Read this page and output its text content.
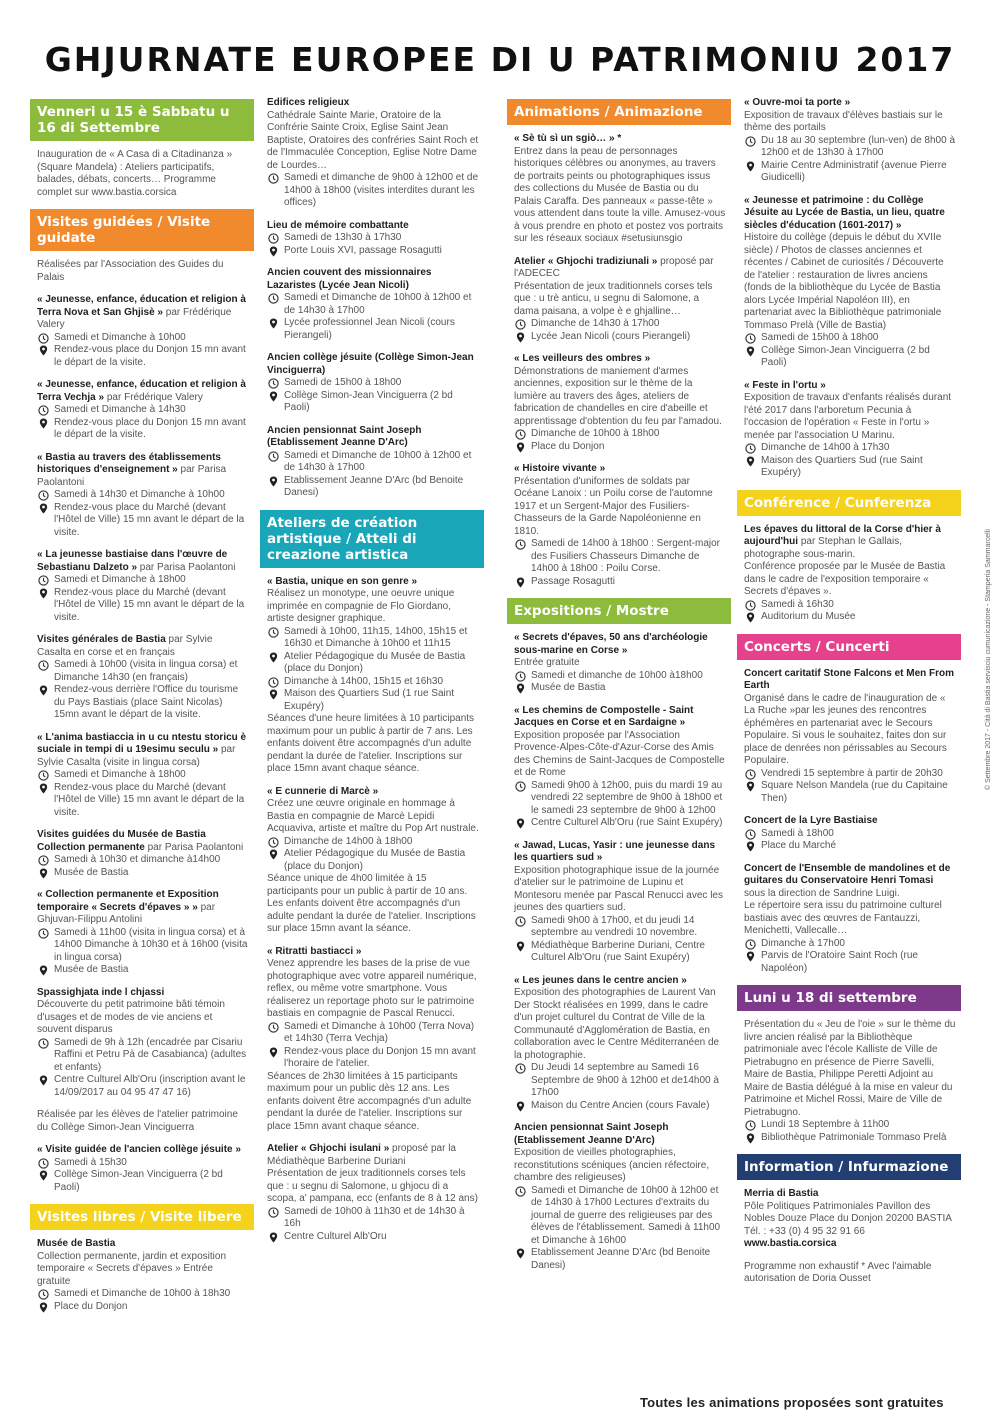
GHJURNATE EUROPEE DI U PATRIMONIU 2017
Venneri u 15 è Sabbatu u 16 di Settembre
Inauguration de « A Casa di a Citadinanza » (Square Mandela) : Ateliers participatifs, balades, débats, concerts… Programme complet sur www.bastia.corsica
Visites guidées / Visite guidate
Réalisées par l'Association des Guides du Palais
« Jeunesse, enfance, éducation et religion à Terra Nova et San Ghjisè » par Frédérique Valery
Samedi et Dimanche à 10h00
Rendez-vous place du Donjon 15 mn avant le départ de la visite.
« Jeunesse, enfance, éducation et religion à Terra Vechja » par Frédérique Valery
Samedi et Dimanche à 14h30
Rendez-vous place du Donjon 15 mn avant le départ de la visite.
« Bastia au travers des établissements historiques d'enseignement » par Parisa Paolantoni
Samedi à 14h30 et Dimanche à 10h00
Rendez-vous place du Marché (devant l'Hôtel de Ville) 15 mn avant le départ de la visite.
« La jeunesse bastiaise dans l'œuvre de Sebastianu Dalzeto » par Parisa Paolantoni
Samedi et Dimanche à 18h00
Rendez-vous place du Marché (devant l'Hôtel de Ville) 15 mn avant le départ de la visite.
Visites générales de Bastia par Sylvie Casalta en corse et en français
Samedi à 10h00 (visita in lingua corsa) et Dimanche 14h30 (en français)
Rendez-vous derrière l'Office du tourisme du Pays Bastiais (place Saint Nicolas) 15mn avant le départ de la visite.
« L'anima bastiaccia in u cu ntestu storicu è suciale in tempi di u 19esimu seculu » par Sylvie Casalta (visite in lingua corsa)
Samedi et Dimanche à 18h00
Rendez-vous place du Marché (devant l'Hôtel de Ville) 15 mn avant le départ de la visite.
Visites guidées du Musée de Bastia Collection permanente par Parisa Paolantoni
Samedi à 10h30 et dimanche à14h00
Musée de Bastia
« Collection permanente et Exposition temporaire « Secrets d'épaves » » par Ghjuvan-Filippu Antolini
Samedi à 11h00 (visita in lingua corsa) et à 14h00 Dimanche à 10h30 et à 16h00 (visita in lingua corsa)
Musée de Bastia
Spassighjata inde l chjassi
Découverte du petit patrimoine bâti témoin d'usages et de modes de vie anciens et souvent disparus
Samedi de 9h à 12h (encadrée par Cisariu Raffini et Petru Pà de Casabianca) (adultes et enfants)
Centre Culturel Alb'Oru (inscription avant le 14/09/2017 au 04 95 47 47 16)
Réalisée par les élèves de l'atelier patrimoine du Collège Simon-Jean Vinciguerra
« Visite guidée de l'ancien collège jésuite »
Samedi à 15h30
Collège Simon-Jean Vinciguerra (2 bd Paoli)
Visites libres / Visite libere
Musée de Bastia
Collection permanente, jardin et exposition temporaire « Secrets d'épaves » Entrée gratuite
Samedi et Dimanche de 10h00 à 18h30
Place du Donjon
Edifices religieux
Cathédrale Sainte Marie, Oratoire de la Confrérie Sainte Croix, Eglise Saint Jean Baptiste, Oratoires des confréries Saint Roch et de l'Immaculée Conception, Eglise Notre Dame de Lourdes…
Samedi et dimanche de 9h00 à 12h00 et de 14h00 à 18h00 (visites interdites durant les offices)
Lieu de mémoire combattante
Samedi de 13h30 à 17h30
Porte Louis XVI, passage Rosagutti
Ancien couvent des missionnaires Lazaristes (Lycée Jean Nicoli)
Samedi et Dimanche de 10h00 à 12h00 et de 14h30 à 17h00
Lycée professionnel Jean Nicoli (cours Pierangeli)
Ancien collège jésuite (Collège Simon-Jean Vinciguerra)
Samedi de 15h00 à 18h00
Collège Simon-Jean Vinciguerra (2 bd Paoli)
Ancien pensionnat Saint Joseph (Etablissement Jeanne D'Arc)
Samedi et Dimanche de 10h00 à 12h00 et de 14h30 à 17h00
Etablissement Jeanne D'Arc (bd Benoite Danesi)
Ateliers de création artistique / Atteli di creazione artistica
« Bastia, unique en son genre »
Réalisez un monotype, une oeuvre unique imprimée en compagnie de Flo Giordano, artiste designer graphique.
Samedi à 10h00, 11h15, 14h00, 15h15 et 16h30 et Dimanche à 10h00 et 11h15
Atelier Pédagogique du Musée de Bastia (place du Donjon)
Dimanche à 14h00, 15h15 et 16h30
Maison des Quartiers Sud (1 rue Saint Exupéry)
Séances d'une heure limitées à 10 participants maximum pour un public à partir de 7 ans. Les enfants doivent être accompagnés d'un adulte pendant la durée de l'atelier. Inscriptions sur place 15mn avant chaque séance.
« E cunnerie di Marcè »
Créez une œuvre originale en hommage à Bastia en compagnie de Marcè Lepidi Acquaviva, artiste et maître du Pop Art nustrale.
Dimanche de 14h00 à 18h00
Atelier Pédagogique du Musée de Bastia (place du Donjon)
Séance unique de 4h00 limitée à 15 participants pour un public à partir de 10 ans. Les enfants doivent être accompagnés d'un adulte pendant la durée de l'atelier. Inscriptions sur place 15mn avant la séance.
« Ritratti bastiacci »
Venez apprendre les bases de la prise de vue photographique avec votre appareil numérique, reflex, ou même votre smartphone. Vous réaliserez un reportage photo sur le patrimoine bastiais en compagnie de Pascal Renucci.
Samedi et Dimanche à 10h00 (Terra Nova) et 14h30 (Terra Vechja)
Rendez-vous place du Donjon 15 mn avant l'horaire de l'atelier.
Séances de 2h30 limitées à 15 participants maximum pour un public dès 12 ans. Les enfants doivent être accompagnés d'un adulte pendant la durée de l'atelier. Inscriptions sur place 15mn avant chaque séance.
Atelier « Ghjochi isulani » proposé par la Médiathèque Barberine Duriani
Présentation de jeux traditionnels corses tels que : u segnu di Salomone, u ghjocu di a scopa, a' pampana, ecc (enfants de 8 à 12 ans)
Samedi de 10h00 à 11h30 et de 14h30 à 16h
Centre Culturel Alb'Oru
Animations / Animazione
« Sè tù sì un sgiò… » *
Entrez dans la peau de personnages historiques célèbres ou anonymes, au travers de portraits peints ou photographiques issus des collections du Musée de Bastia ou du Palais Caraffa. Des panneaux « passe-tête » vous attendent dans toute la ville. Amusez-vous à vous prendre en photo et postez vos portraits sur les réseaux sociaux #setusiunsgio
Atelier « Ghjochi tradiziunali » proposé par l'ADECEC
Présentation de jeux traditionnels corses tels que : u trè anticu, u segnu di Salomone, a dama paisana, a volpe è e ghjalline…
Dimanche de 14h30 à 17h00
Lycée Jean Nicoli (cours Pierangeli)
« Les veilleurs des ombres »
Démonstrations de maniement d'armes anciennes, exposition sur le thème de la lumière au travers des âges, ateliers de fabrication de chandelles en cire d'abeille et apprentissage d'obtention du feu par l'amadou.
Dimanche de 10h00 à 18h00
Place du Donjon
« Histoire vivante »
Présentation d'uniformes de soldats par Océane Lanoix : un Poilu corse de l'automne 1917 et un Sergent-Major des Fusiliers-Chasseurs de la Garde Napoléonienne en 1810.
Samedi de 14h00 à 18h00 : Sergent-major des Fusiliers Chasseurs Dimanche de 14h00 à 18h00 : Poilu Corse.
Passage Rosagutti
Expositions / Mostre
« Secrets d'épaves, 50 ans d'archéologie sous-marine en Corse »
Entrée gratuite
Samedi et dimanche de 10h00 à18h00
Musée de Bastia
« Les chemins de Compostelle - Saint Jacques en Corse et en Sardaigne »
Exposition proposée par l'Association Provence-Alpes-Côte-d'Azur-Corse des Amis des Chemins de Saint-Jacques de Compostelle et de Rome
Samedi 9h00 à 12h00, puis du mardi 19 au vendredi 22 septembre de 9h00 à 18h00 et le samedi 23 septembre de 9h00 à 12h00
Centre Culturel Alb'Oru (rue Saint Exupéry)
« Jawad, Lucas, Yasir : une jeunesse dans les quartiers sud »
Exposition photographique issue de la journée d'atelier sur le patrimoine de Lupinu et Montesoru menée par Pascal Renucci avec les jeunes des quartiers sud.
Samedi 9h00 à 17h00, et du jeudi 14 septembre au vendredi 10 novembre.
Médiathèque Barberine Duriani, Centre Culturel Alb'Oru (rue Saint Exupéry)
« Les jeunes dans le centre ancien »
Exposition des photographies de Laurent Van Der Stockt réalisées en 1999, dans le cadre d'un projet culturel du Contrat de Ville de la Communauté d'Agglomération de Bastia, en collaboration avec le Centre Méditerranéen de la photographie.
Du Jeudi 14 septembre au Samedi 16 Septembre de 9h00 à 12h00 et de14h00 à 17h00
Maison du Centre Ancien (cours Favale)
Ancien pensionnat Saint Joseph (Etablissement Jeanne D'Arc)
Exposition de vieilles photographies, reconstitutions scéniques (ancien réfectoire, chambre des religieuses)
Samedi et Dimanche de 10h00 à 12h00 et de 14h30 à 17h00 Lectures d'extraits du journal de guerre des religieuses par des élèves de l'établissement. Samedi à 11h00 et Dimanche à 16h00
Etablissement Jeanne D'Arc (bd Benoite Danesi)
« Ouvre-moi ta porte »
Exposition de travaux d'élèves bastiais sur le thème des portails
Du 18 au 30 septembre (lun-ven) de 8h00 à 12h00 et de 13h30 à 17h00
Mairie Centre Administratif (avenue Pierre Giudicelli)
« Jeunesse et patrimoine : du Collège Jésuite au Lycée de Bastia, un lieu, quatre siècles d'éducation (1601-2017) »
Histoire du collège (depuis le début du XVIIe siècle) / Photos de classes anciennes et récentes / Cabinet de curiosités / Découverte de l'atelier : restauration de livres anciens (fonds de la bibliothèque du Lycée de Bastia alors Lycée Impérial Napoléon III), en partenariat avec la Bibliothèque patrimoniale Tommaso Prelà (Ville de Bastia)
Samedi de 15h00 à 18h00
Collège Simon-Jean Vinciguerra (2 bd Paoli)
« Feste in l'ortu »
Exposition de travaux d'enfants réalisés durant l'été 2017 dans l'arboretum Pecunia à l'occasion de l'opération « Feste in l'ortu » menée par l'association U Marinu.
Dimanche de 14h00 à 17h30
Maison des Quartiers Sud (rue Saint Exupéry)
Conférence / Cunferenza
Les épaves du littoral de la Corse d'hier à aujourd'hui par Stephan le Gallais, photographe sous-marin.
Conférence proposée par le Musée de Bastia dans le cadre de l'exposition temporaire « Secrets d'épaves ».
Samedi à 16h30
Auditorium du Musée
Concerts / Cuncerti
Concert caritatif Stone Falcons et Men From Earth
Organisé dans le cadre de l'inauguration de « La Ruche »par les jeunes des rencontres éphémères en partenariat avec le Secours Populaire. Si vous le souhaitez, faites don sur place de denrées non périssables au Secours Populaire.
Vendredi 15 septembre à partir de 20h30
Square Nelson Mandela (rue du Capitaine Then)
Concert de la Lyre Bastiaise
Samedi à 18h00
Place du Marché
Concert de l'Ensemble de mandolines et de guitares du Conservatoire Henri Tomasi sous la direction de Sandrine Luigi.
Le répertoire sera issu du patrimoine culturel bastiais avec des œuvres de Fantauzzi, Menichetti, Vallecalle…
Dimanche à 17h00
Parvis de l'Oratoire Saint Roch (rue Napoléon)
Luni u 18 di settembre
Présentation du « Jeu de l'oie » sur le thème du livre ancien réalisé par la Bibliothèque patrimoniale avec l'école Kalliste de Ville de Pietrabugno en présence de Pierre Savelli, Maire de Bastia, Philippe Peretti Adjoint au Maire de Bastia délégué à la mise en valeur du Patrimoine et Michel Rossi, Maire de Ville de Pietrabugno.
Lundi 18 Septembre à 11h00
Bibliothèque Patrimoniale Tommaso Prelà
Information / Infurmazione
Merria di Bastia
Pôle Politiques Patrimoniales Pavillon des Nobles Douze Place du Donjon 20200 BASTIA Tél. : +33 (0) 4 95 32 91 66
www.bastia.corsica
Programme non exhaustif * Avec l'aimable autorisation de Doria Ousset
Toutes les animations proposées sont gratuites
© Settembre 2017 - Cità di Bastia servisciu cumunicazione - Stamperia Sammarcelli
